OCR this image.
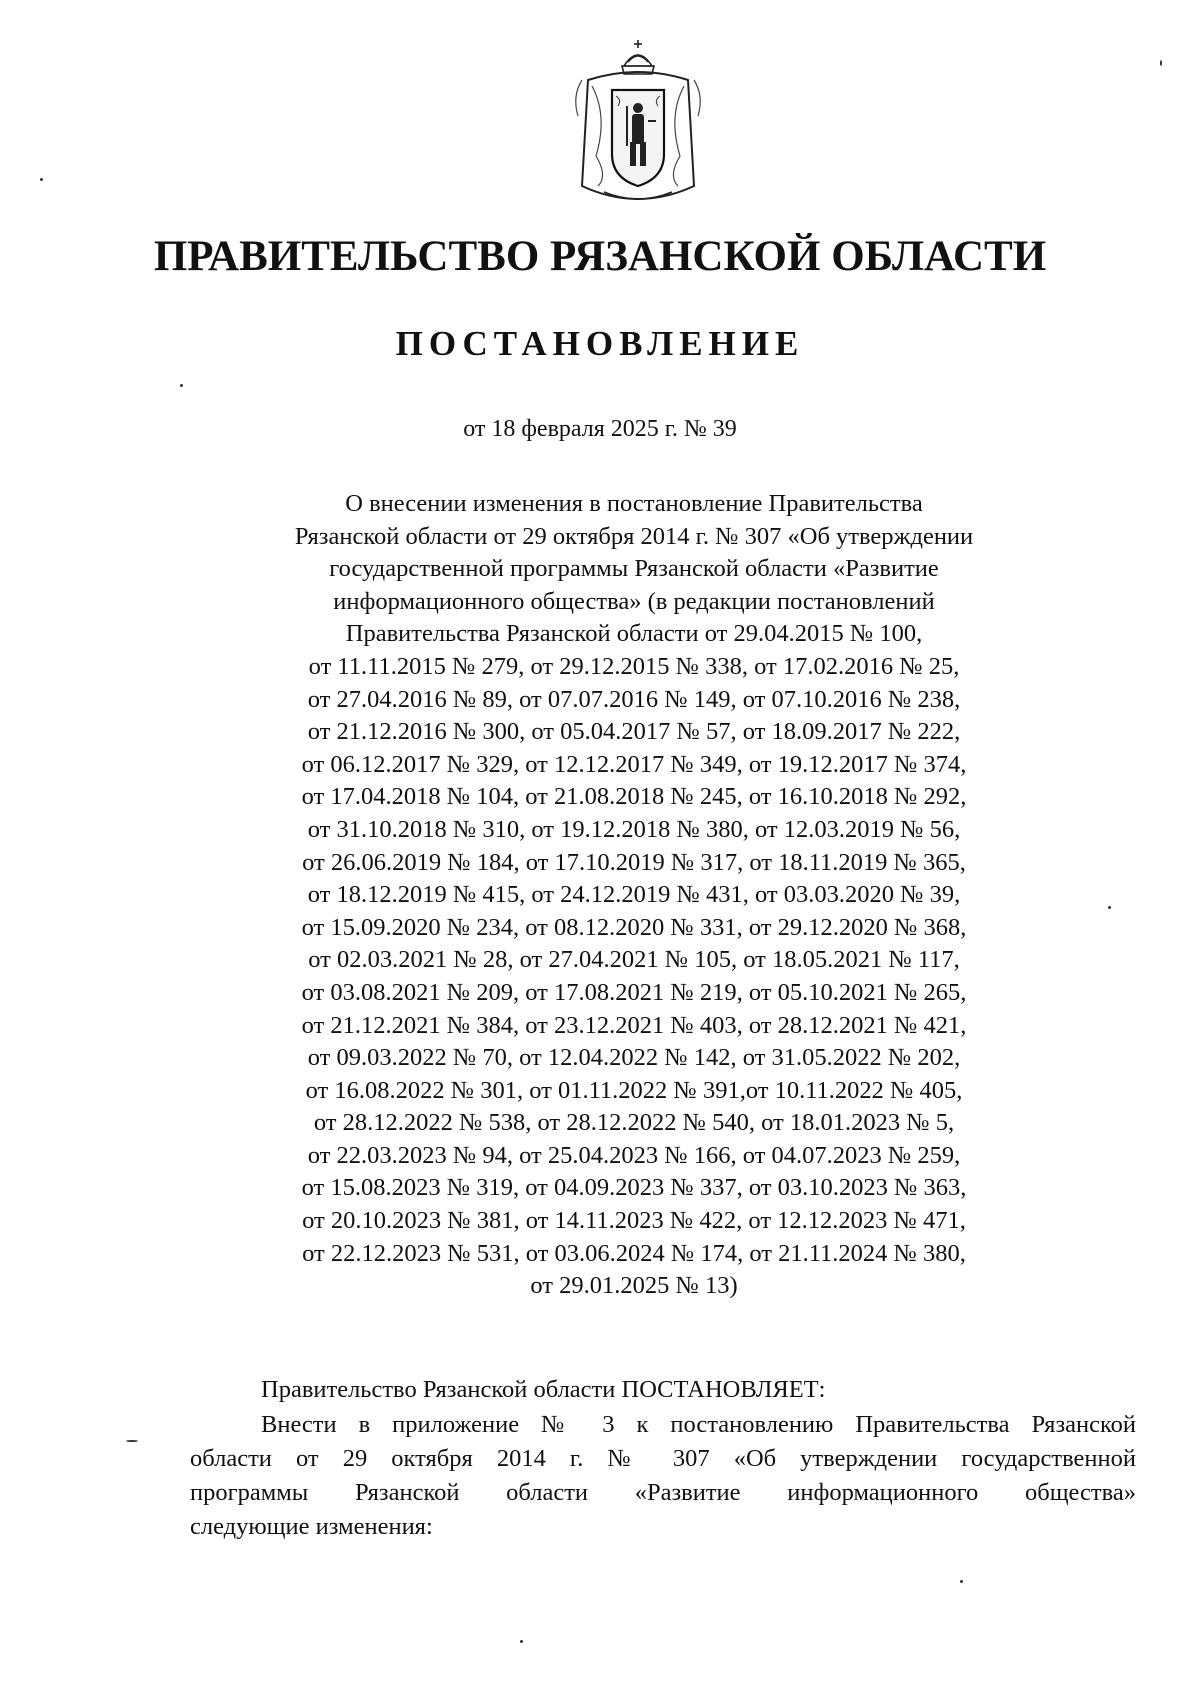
ПРАВИТЕЛЬСТВО РЯЗАНСКОЙ ОБЛАСТИ
ПОСТАНОВЛЕНИЕ
от 18 февраля 2025 г. № 39
О внесении изменения в постановление Правительства
Рязанской области от 29 октября 2014 г. № 307 «Об утверждении
государственной программы Рязанской области «Развитие
информационного общества» (в редакции постановлений
Правительства Рязанской области от 29.04.2015 № 100,
от 11.11.2015 № 279, от 29.12.2015 № 338, от 17.02.2016 № 25,
от 27.04.2016 № 89, от 07.07.2016 № 149, от 07.10.2016 № 238,
от 21.12.2016 № 300, от 05.04.2017 № 57, от 18.09.2017 № 222,
от 06.12.2017 № 329, от 12.12.2017 № 349, от 19.12.2017 № 374,
от 17.04.2018 № 104, от 21.08.2018 № 245, от 16.10.2018 № 292,
от 31.10.2018 № 310, от 19.12.2018 № 380, от 12.03.2019 № 56,
от 26.06.2019 № 184, от 17.10.2019 № 317, от 18.11.2019 № 365,
от 18.12.2019 № 415, от 24.12.2019 № 431, от 03.03.2020 № 39,
от 15.09.2020 № 234, от 08.12.2020 № 331, от 29.12.2020 № 368,
от 02.03.2021 № 28, от 27.04.2021 № 105, от 18.05.2021 № 117,
от 03.08.2021 № 209, от 17.08.2021 № 219, от 05.10.2021 № 265,
от 21.12.2021 № 384, от 23.12.2021 № 403, от 28.12.2021 № 421,
от 09.03.2022 № 70, от 12.04.2022 № 142, от 31.05.2022 № 202,
от 16.08.2022 № 301, от 01.11.2022 № 391,от 10.11.2022 № 405,
от 28.12.2022 № 538, от 28.12.2022 № 540, от 18.01.2023 № 5,
от 22.03.2023 № 94, от 25.04.2023 № 166, от 04.07.2023 № 259,
от 15.08.2023 № 319, от 04.09.2023 № 337, от 03.10.2023 № 363,
от 20.10.2023 № 381, от 14.11.2023 № 422, от 12.12.2023 № 471,
от 22.12.2023 № 531, от 03.06.2024 № 174, от 21.11.2024 № 380,
от 29.01.2025 № 13)
Правительство Рязанской области ПОСТАНОВЛЯЕТ:
Внести в приложение № 3 к постановлению Правительства Рязанской
области от 29 октября 2014 г. № 307 «Об утверждении государственной
программы Рязанской области «Развитие информационного общества»
следующие изменения:
